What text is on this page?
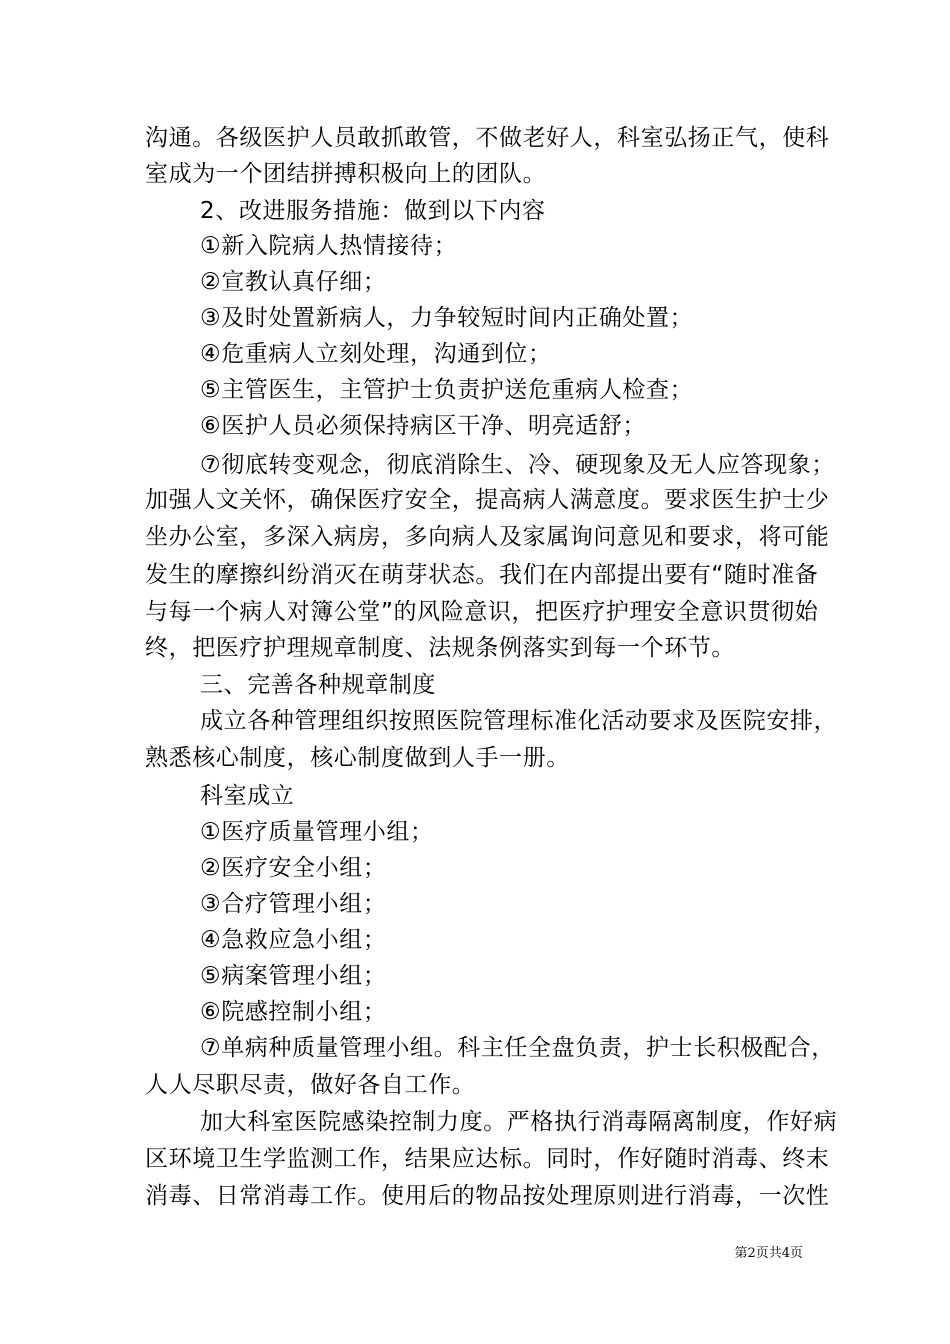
沟通。各级医护人员敢抓敢管，不做老好人，科室弘扬正气，使科
室成为一个团结拼搏积极向上的团队。
2、改进服务措施：做到以下内容
①新入院病人热情接待；
②宣教认真仔细；
③及时处置新病人，力争较短时间内正确处置；
④危重病人立刻处理，沟通到位；
⑤主管医生，主管护士负责护送危重病人检查；
⑥医护人员必须保持病区干净、明亮适舒；
⑦彻底转变观念，彻底消除生、冷、硬现象及无人应答现象；
加强人文关怀，确保医疗安全，提高病人满意度。要求医生护士少
坐办公室，多深入病房，多向病人及家属询问意见和要求，将可能
发生的摩擦纠纷消灭在萌芽状态。我们在内部提出要有“随时准备
与每一个病人对簿公堂”的风险意识，把医疗护理安全意识贯彻始
终，把医疗护理规章制度、法规条例落实到每一个环节。
三、完善各种规章制度
成立各种管理组织按照医院管理标准化活动要求及医院安排，
熟悉核心制度，核心制度做到人手一册。
科室成立
①医疗质量管理小组；
②医疗安全小组；
③合疗管理小组；
④急救应急小组；
⑤病案管理小组；
⑥院感控制小组；
⑦单病种质量管理小组。科主任全盘负责，护士长积极配合，
人人尽职尽责，做好各自工作。
加大科室医院感染控制力度。严格执行消毒隔离制度，作好病
区环境卫生学监测工作，结果应达标。同时，作好随时消毒、终末
消毒、日常消毒工作。使用后的物品按处理原则进行消毒，一次性
第2页共4页
